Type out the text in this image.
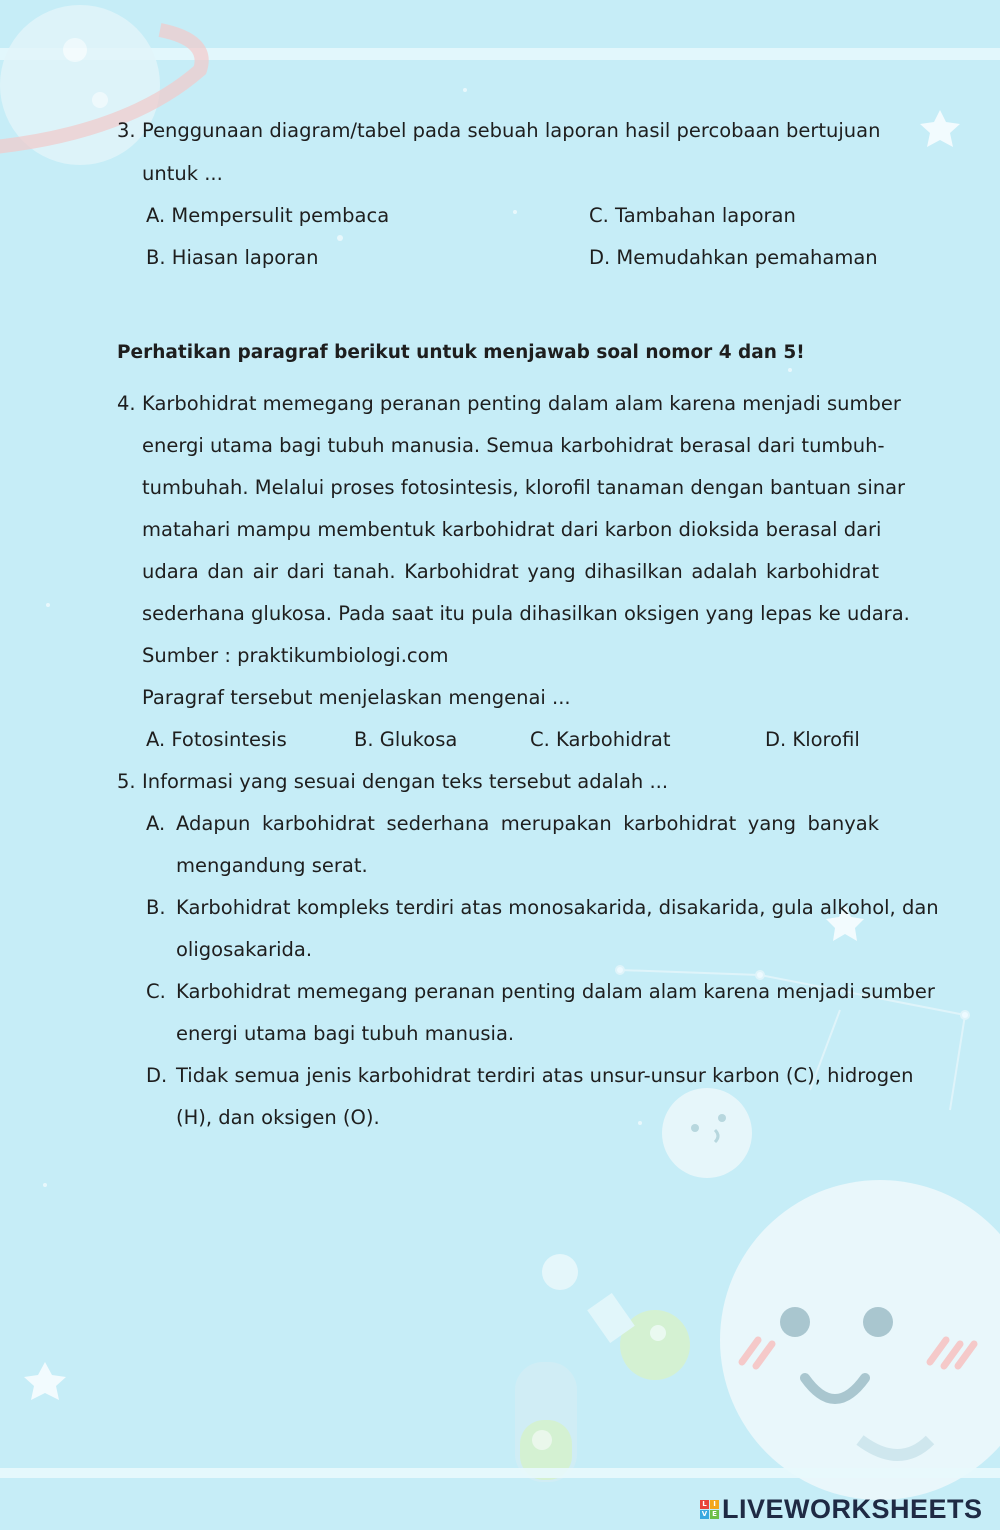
3. Penggunaan diagram/tabel pada sebuah laporan hasil percobaan bertujuan
untuk ...
A. Mempersulit pembaca	C. Tambahan laporan
B. Hiasan laporan	D. Memudahkan pemahaman
Perhatikan paragraf berikut untuk menjawab soal nomor 4 dan 5!
4. Karbohidrat memegang peranan penting dalam alam karena menjadi sumber
energi utama bagi tubuh manusia. Semua karbohidrat berasal dari tumbuh-
tumbuhah. Melalui proses fotosintesis, klorofil tanaman dengan bantuan sinar
matahari mampu membentuk karbohidrat dari karbon dioksida berasal dari
udara dan air dari tanah. Karbohidrat yang dihasilkan adalah karbohidrat
sederhana glukosa. Pada saat itu pula dihasilkan oksigen yang lepas ke udara.
Sumber : praktikumbiologi.com
Paragraf tersebut menjelaskan mengenai ...
A. Fotosintesis	B. Glukosa	C. Karbohidrat	D. Klorofil
5. Informasi yang sesuai dengan teks tersebut adalah ...
A. Adapun karbohidrat sederhana merupakan karbohidrat yang banyak
mengandung serat.
B. Karbohidrat kompleks terdiri atas monosakarida, disakarida, gula alkohol, dan
oligosakarida.
C. Karbohidrat memegang peranan penting dalam alam karena menjadi sumber
energi utama bagi tubuh manusia.
D. Tidak semua jenis karbohidrat terdiri atas unsur-unsur karbon (C), hidrogen
(H), dan oksigen (O).
L I
V E LIVEWORKSHEETS
